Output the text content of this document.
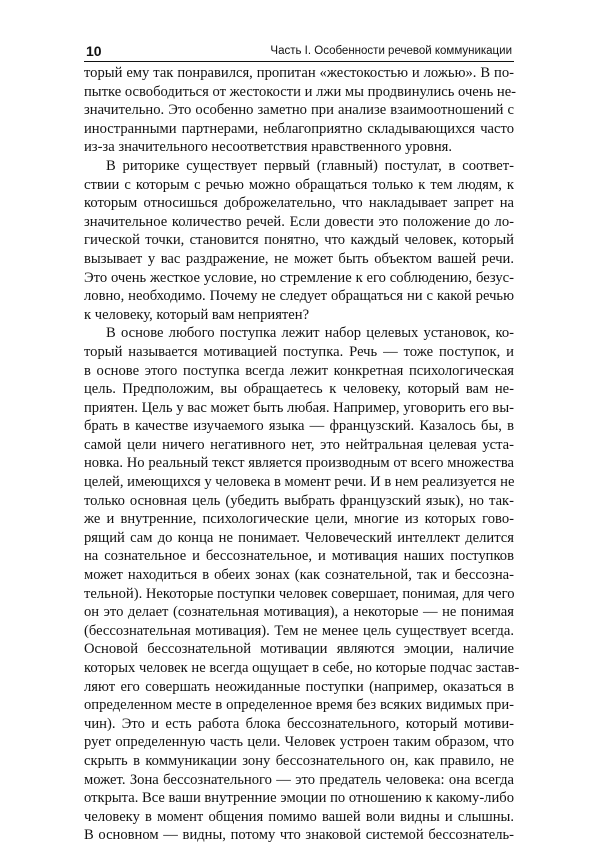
10	Часть I. Особенности речевой коммуникации
торый ему так понравился, пропитан «жестокостью и ложью». В по-
пытке освободиться от жестокости и лжи мы продвинулись очень не-
значительно. Это особенно заметно при анализе взаимоотношений с
иностранными партнерами, неблагоприятно складывающихся часто
из-за значительного несоответствия нравственного уровня.
В риторике существует первый (главный) постулат, в соответ-
ствии с которым с речью можно обращаться только к тем людям, к
которым относишься доброжелательно, что накладывает запрет на
значительное количество речей. Если довести это положение до ло-
гической точки, становится понятно, что каждый человек, который
вызывает у вас раздражение, не может быть объектом вашей речи.
Это очень жесткое условие, но стремление к его соблюдению, безус-
ловно, необходимо. Почему не следует обращаться ни с какой речью
к человеку, который вам неприятен?
В основе любого поступка лежит набор целевых установок, ко-
торый называется мотивацией поступка. Речь — тоже поступок, и
в основе этого поступка всегда лежит конкретная психологическая
цель. Предположим, вы обращаетесь к человеку, который вам не-
приятен. Цель у вас может быть любая. Например, уговорить его вы-
брать в качестве изучаемого языка — французский. Казалось бы, в
самой цели ничего негативного нет, это нейтральная целевая уста-
новка. Но реальный текст является производным от всего множества
целей, имеющихся у человека в момент речи. И в нем реализуется не
только основная цель (убедить выбрать французский язык), но так-
же и внутренние, психологические цели, многие из которых гово-
рящий сам до конца не понимает. Человеческий интеллект делится
на сознательное и бессознательное, и мотивация наших поступков
может находиться в обеих зонах (как сознательной, так и бессозна-
тельной). Некоторые поступки человек совершает, понимая, для чего
он это делает (сознательная мотивация), а некоторые — не понимая
(бессознательная мотивация). Тем не менее цель существует всегда.
Основой бессознательной мотивации являются эмоции, наличие
которых человек не всегда ощущает в себе, но которые подчас застав-
ляют его совершать неожиданные поступки (например, оказаться в
определенном месте в определенное время без всяких видимых при-
чин). Это и есть работа блока бессознательного, который мотиви-
рует определенную часть цели. Человек устроен таким образом, что
скрыть в коммуникации зону бессознательного он, как правило, не
может. Зона бессознательного — это предатель человека: она всегда
открыта. Все ваши внутренние эмоции по отношению к какому-либо
человеку в момент общения помимо вашей воли видны и слышны.
В основном — видны, потому что знаковой системой бессознатель-
